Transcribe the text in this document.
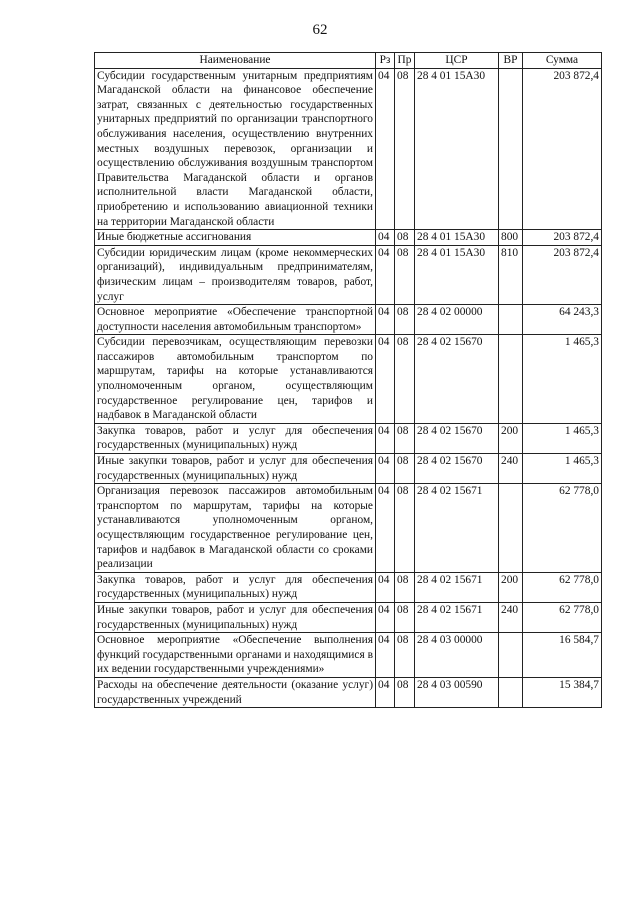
62
Наименование	Рз	Пр	ЦСР	ВР	Сумма
Субсидии государственным унитарным предприятиям Магаданской области на финансовое обеспечение затрат, связанных с деятельностью государственных унитарных предприятий по организации транспортного обслуживания населения, осуществлению внутренних местных воздушных перевозок, организации и осуществлению обслуживания воздушным транспортом Правительства Магаданской области и органов исполнительной власти Магаданской области, приобретению и использованию авиационной техники на территории Магаданской области	04	08	28 4 01 15А30		203 872,4
Иные бюджетные ассигнования	04	08	28 4 01 15А30	800	203 872,4
Субсидии юридическим лицам (кроме некоммерческих организаций), индивидуальным предпринимателям, физическим лицам – производителям товаров, работ, услуг	04	08	28 4 01 15А30	810	203 872,4
Основное мероприятие «Обеспечение транспортной доступности населения автомобильным транспортом»	04	08	28 4 02 00000		64 243,3
Субсидии перевозчикам, осуществляющим перевозки пассажиров автомобильным транспортом по маршрутам, тарифы на которые устанавливаются уполномоченным органом, осуществляющим государственное регулирование цен, тарифов и надбавок в Магаданской области	04	08	28 4 02 15670		1 465,3
Закупка товаров, работ и услуг для обеспечения государственных (муниципальных) нужд	04	08	28 4 02 15670	200	1 465,3
Иные закупки товаров, работ и услуг для обеспечения государственных (муниципальных) нужд	04	08	28 4 02 15670	240	1 465,3
Организация перевозок пассажиров автомобильным транспортом по маршрутам, тарифы на которые устанавливаются уполномоченным органом, осуществляющим государственное регулирование цен, тарифов и надбавок в Магаданской области со сроками реализации	04	08	28 4 02 15671		62 778,0
Закупка товаров, работ и услуг для обеспечения государственных (муниципальных) нужд	04	08	28 4 02 15671	200	62 778,0
Иные закупки товаров, работ и услуг для обеспечения государственных (муниципальных) нужд	04	08	28 4 02 15671	240	62 778,0
Основное мероприятие «Обеспечение выполнения функций государственными органами и находящимися в их ведении государственными учреждениями»	04	08	28 4 03 00000		16 584,7
Расходы на обеспечение деятельности (оказание услуг) государственных учреждений	04	08	28 4 03 00590		15 384,7
